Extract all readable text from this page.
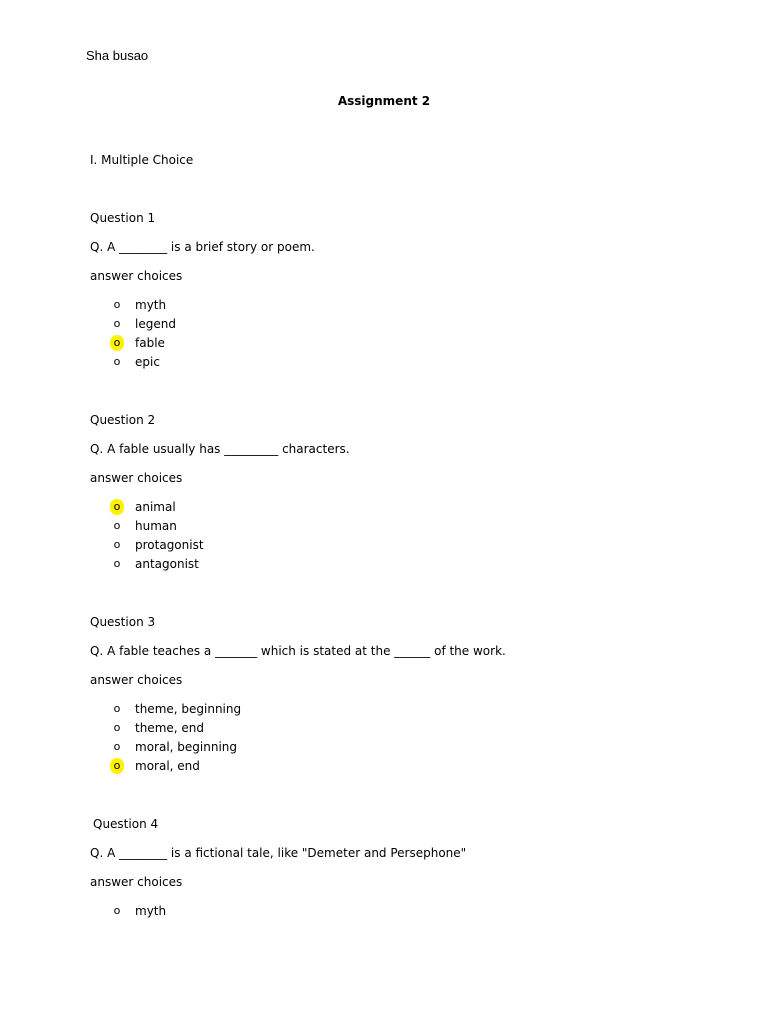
Sha busao
Assignment 2
I. Multiple Choice
Question 1
Q. A ________ is a brief story or poem.
answer choices
o	myth
o	legend
o	fable
o	epic
Question 2
Q. A fable usually has _________ characters.
answer choices
o	animal
o	human
o	protagonist
o	antagonist
Question 3
Q. A fable teaches a _______ which is stated at the ______ of the work.
answer choices
o	theme, beginning
o	theme, end
o	moral, beginning
o	moral, end
Question 4
Q. A ________ is a fictional tale, like "Demeter and Persephone"
answer choices
o	myth
